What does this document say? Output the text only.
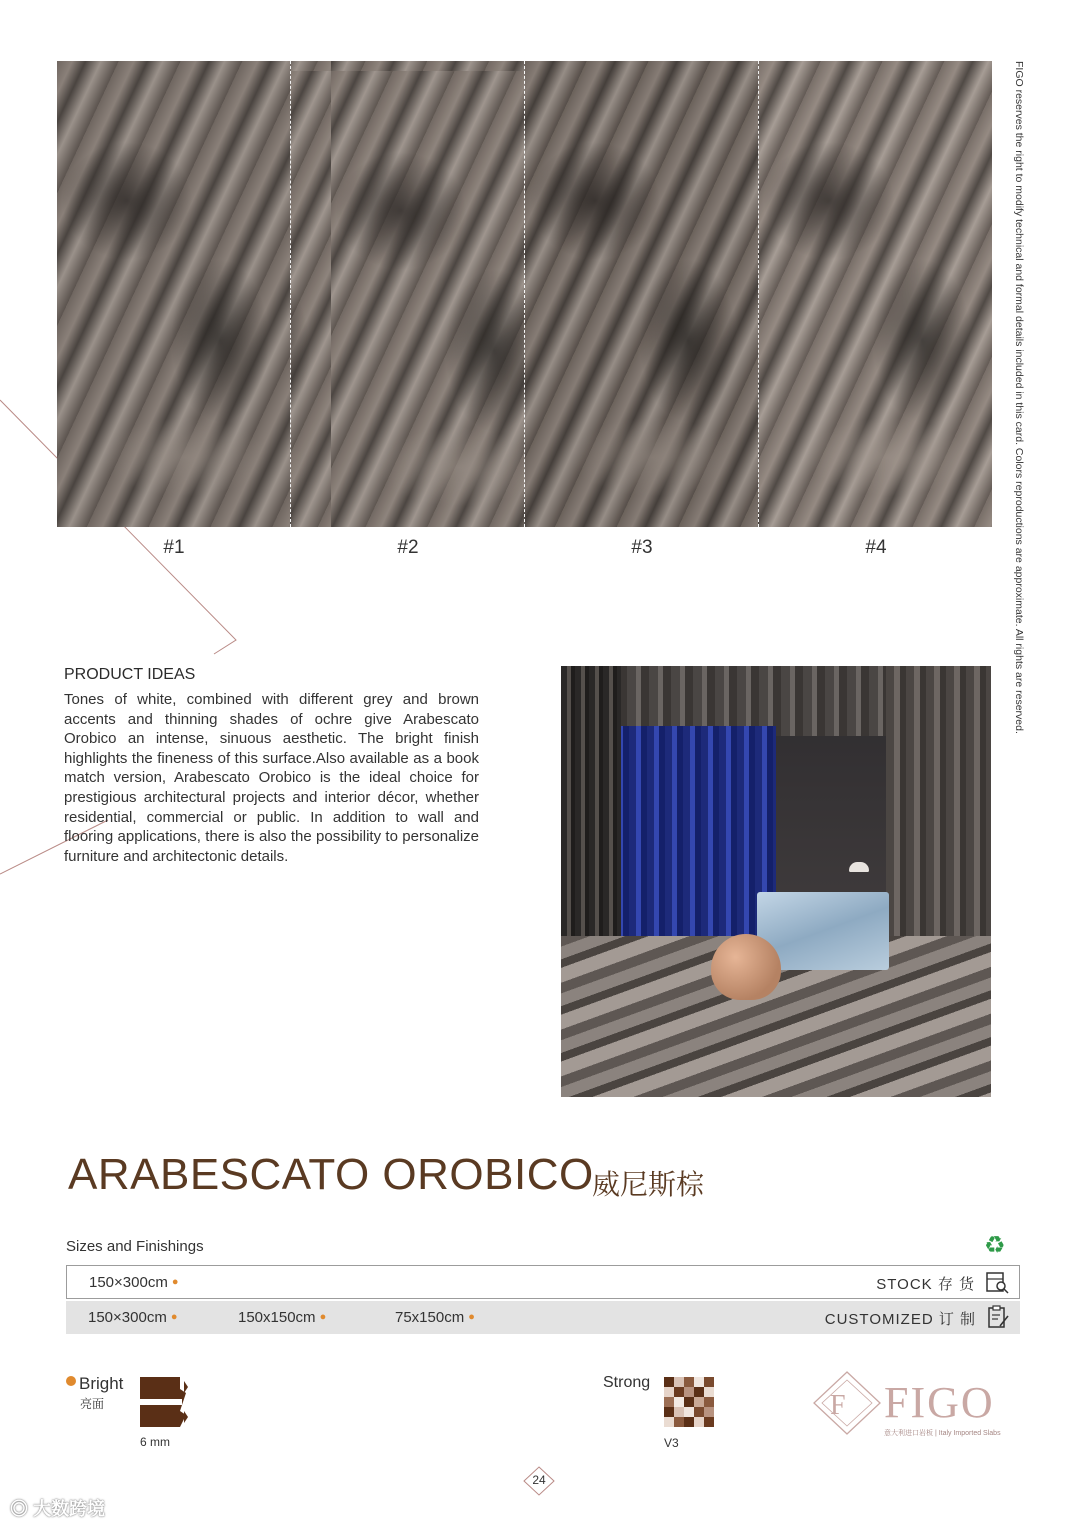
#1	#2	#3	#4	FIGO reserves the right to modify technical and formal details included in this card. Colors reproductions are approximate. All rights are reserved.
PRODUCT IDEAS
Tones of white, combined with different grey and brown accents and thinning shades of ochre give Arabescato Orobico an intense, sinuous aesthetic. The bright finish highlights the fineness of this surface.Also available as a book match version, Arabescato Orobico is the ideal choice for prestigious architectural projects and interior décor, whether residential, commercial or public. In addition to wall and flooring applications, there is also the possibility to personalize furniture and architectonic details.
ARABESCATO OROBICO
威尼斯棕
Sizes and Finishings	♻
150×300cm ●	STOCK 存 货
150×300cm ●	150x150cm ●	75x150cm ●	CUSTOMIZED 订 制
Bright
亮面
6 mm
Strong
V3
F FIGO
意大利进口岩板 | Italy Imported Slabs
24
◎ 大数跨境
